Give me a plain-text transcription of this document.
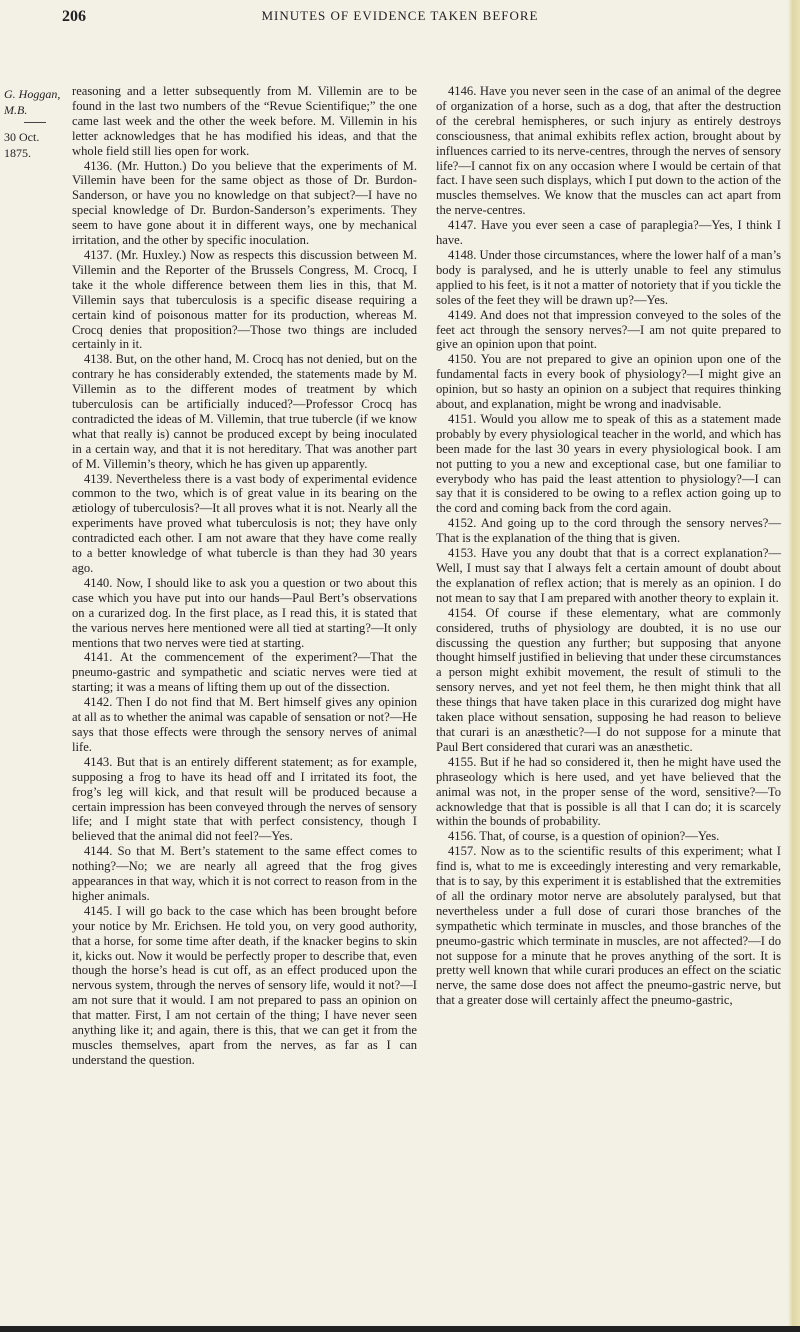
206	MINUTES OF EVIDENCE TAKEN BEFORE
G. Hoggan, M.B.
30 Oct. 1875.

reasoning and a letter subsequently from M. Villemin are to be found in the last two numbers of the “Revue Scientifique;” the one came last week and the other the week before. M. Villemin in his letter acknowledges that he has modified his ideas, and that the whole field still lies open for work.

4136. (Mr. Hutton.) Do you believe that the experiments of M. Villemin have been for the same object as those of Dr. Burdon-Sanderson, or have you no knowledge on that subject?—I have no special knowledge of Dr. Burdon-Sanderson’s experiments. They seem to have gone about it in different ways, one by mechanical irritation, and the other by specific inoculation.

4137. (Mr. Huxley.) Now as respects this discussion between M. Villemin and the Reporter of the Brussels Congress, M. Crocq, I take it the whole difference between them lies in this, that M. Villemin says that tuberculosis is a specific disease requiring a certain kind of poisonous matter for its production, whereas M. Crocq denies that proposition?—Those two things are included certainly in it.

4138. But, on the other hand, M. Crocq has not denied, but on the contrary he has considerably extended, the statements made by M. Villemin as to the different modes of treatment by which tuberculosis can be artificially induced?—Professor Crocq has contradicted the ideas of M. Villemin, that true tubercle (if we know what that really is) cannot be produced except by being inoculated in a certain way, and that it is not hereditary. That was another part of M. Villemin’s theory, which he has given up apparently.

4139. Nevertheless there is a vast body of experimental evidence common to the two, which is of great value in its bearing on the ætiology of tuberculosis?—It all proves what it is not. Nearly all the experiments have proved what tuberculosis is not; they have only contradicted each other. I am not aware that they have come really to a better knowledge of what tubercle is than they had 30 years ago.

4140. Now, I should like to ask you a question or two about this case which you have put into our hands—Paul Bert’s observations on a curarized dog. In the first place, as I read this, it is stated that the various nerves here mentioned were all tied at starting?—It only mentions that two nerves were tied at starting.

4141. At the commencement of the experiment?—That the pneumo-gastric and sympathetic and sciatic nerves were tied at starting; it was a means of lifting them up out of the dissection.

4142. Then I do not find that M. Bert himself gives any opinion at all as to whether the animal was capable of sensation or not?—He says that those effects were through the sensory nerves of animal life.

4143. But that is an entirely different statement; as for example, supposing a frog to have its head off and I irritated its foot, the frog’s leg will kick, and that result will be produced because a certain impression has been conveyed through the nerves of sensory life; and I might state that with perfect consistency, though I believed that the animal did not feel?—Yes.

4144. So that M. Bert’s statement to the same effect comes to nothing?—No; we are nearly all agreed that the frog gives appearances in that way, which it is not correct to reason from in the higher animals.

4145. I will go back to the case which has been brought before your notice by Mr. Erichsen. He told you, on very good authority, that a horse, for some time after death, if the knacker begins to skin it, kicks out. Now it would be perfectly proper to describe that, even though the horse’s head is cut off, as an effect produced upon the nervous system, through the nerves of sensory life, would it not?—I am not sure that it would. I am not prepared to pass an opinion on that matter. First, I am not certain of the thing; I have never seen anything like it; and again, there is this, that we can get it from the muscles themselves, apart from the nerves, as far as I can understand the question.

4146. Have you never seen in the case of an animal of the degree of organization of a horse, such as a dog, that after the destruction of the cerebral hemispheres, or such injury as entirely destroys consciousness, that animal exhibits reflex action, brought about by influences carried to its nerve-centres, through the nerves of sensory life?—I cannot fix on any occasion where I would be certain of that fact. I have seen such displays, which I put down to the action of the muscles themselves. We know that the muscles can act apart from the nerve-centres.

4147. Have you ever seen a case of paraplegia?—Yes, I think I have.

4148. Under those circumstances, where the lower half of a man’s body is paralysed, and he is utterly unable to feel any stimulus applied to his feet, is it not a matter of notoriety that if you tickle the soles of the feet they will be drawn up?—Yes.

4149. And does not that impression conveyed to the soles of the feet act through the sensory nerves?—I am not quite prepared to give an opinion upon that point.

4150. You are not prepared to give an opinion upon one of the fundamental facts in every book of physiology?—I might give an opinion, but so hasty an opinion on a subject that requires thinking about, and explanation, might be wrong and inadvisable.

4151. Would you allow me to speak of this as a statement made probably by every physiological teacher in the world, and which has been made for the last 30 years in every physiological book. I am not putting to you a new and exceptional case, but one familiar to everybody who has paid the least attention to physiology?—I can say that it is considered to be owing to a reflex action going up to the cord and coming back from the cord again.

4152. And going up to the cord through the sensory nerves?—That is the explanation of the thing that is given.

4153. Have you any doubt that that is a correct explanation?—Well, I must say that I always felt a certain amount of doubt about the explanation of reflex action; that is merely as an opinion. I do not mean to say that I am prepared with another theory to explain it.

4154. Of course if these elementary, what are commonly considered, truths of physiology are doubted, it is no use our discussing the question any further; but supposing that anyone thought himself justified in believing that under these circumstances a person might exhibit movement, the result of stimuli to the sensory nerves, and yet not feel them, he then might think that all these things that have taken place in this curarized dog might have taken place without sensation, supposing he had reason to believe that curari is an anæsthetic?—I do not suppose for a minute that Paul Bert considered that curari was an anæsthetic.

4155. But if he had so considered it, then he might have used the phraseology which is here used, and yet have believed that the animal was not, in the proper sense of the word, sensitive?—To acknowledge that that is possible is all that I can do; it is scarcely within the bounds of probability.

4156. That, of course, is a question of opinion?—Yes.

4157. Now as to the scientific results of this experiment; what I find is, what to me is exceedingly interesting and very remarkable, that is to say, by this experiment it is established that the extremities of all the ordinary motor nerve are absolutely paralysed, but that nevertheless under a full dose of curari those branches of the sympathetic which terminate in muscles, and those branches of the pneumo-gastric which terminate in muscles, are not affected?—I do not suppose for a minute that he proves anything of the sort. It is pretty well known that while curari produces an effect on the sciatic nerve, the same dose does not affect the pneumo-gastric nerve, but that a greater dose will certainly affect the pneumo-gastric,
